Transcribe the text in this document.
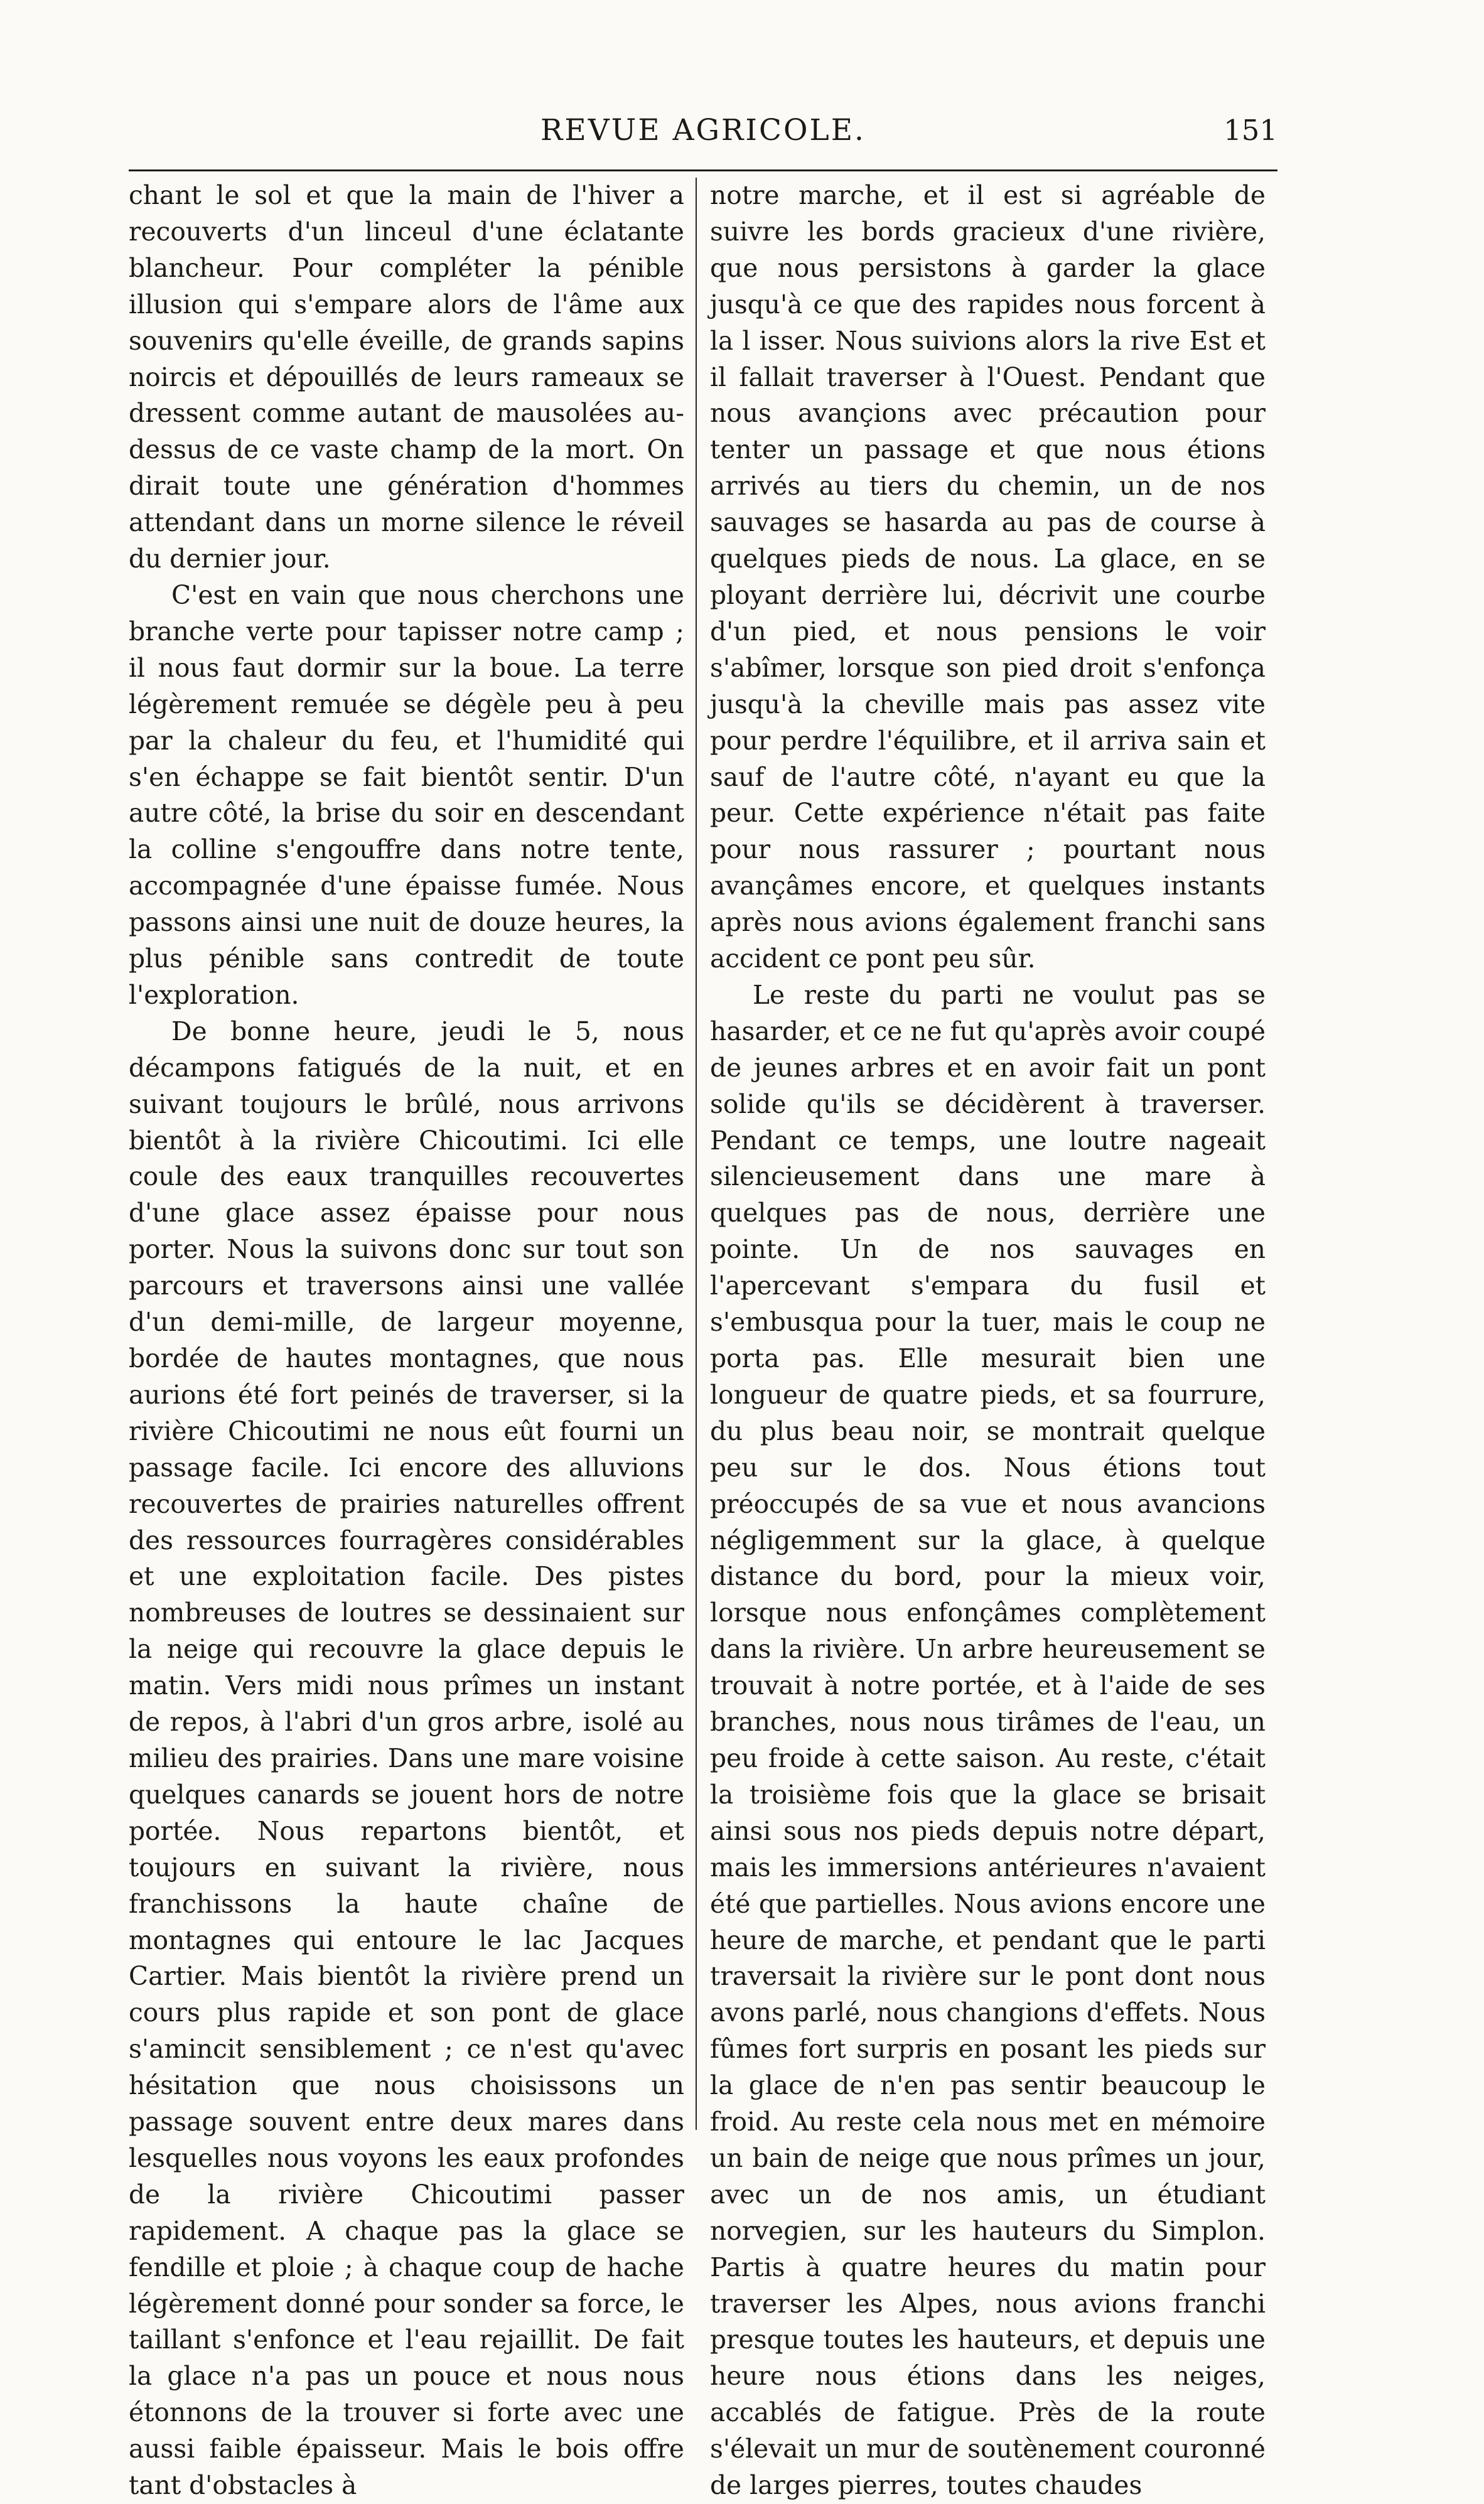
REVUE AGRICOLE.	151

chant le sol et que la main de l'hiver a recouverts d'un linceul d'une éclatante blancheur. Pour compléter la pénible illusion qui s'empare alors de l'âme aux souvenirs qu'elle éveille, de grands sapins noircis et dépouillés de leurs rameaux se dressent comme autant de mausolées au-dessus de ce vaste champ de la mort. On dirait toute une génération d'hommes attendant dans un morne silence le réveil du dernier jour.

C'est en vain que nous cherchons une branche verte pour tapisser notre camp ; il nous faut dormir sur la boue. La terre légèrement remuée se dégèle peu à peu par la chaleur du feu, et l'humidité qui s'en échappe se fait bientôt sentir. D'un autre côté, la brise du soir en descendant la colline s'engouffre dans notre tente, accompagnée d'une épaisse fumée. Nous passons ainsi une nuit de douze heures, la plus pénible sans contredit de toute l'exploration.

De bonne heure, jeudi le 5, nous décampons fatigués de la nuit, et en suivant toujours le brûlé, nous arrivons bientôt à la rivière Chicoutimi. Ici elle coule des eaux tranquilles recouvertes d'une glace assez épaisse pour nous porter. Nous la suivons donc sur tout son parcours et traversons ainsi une vallée d'un demi-mille, de largeur moyenne, bordée de hautes montagnes, que nous aurions été fort peinés de traverser, si la rivière Chicoutimi ne nous eût fourni un passage facile. Ici encore des alluvions recouvertes de prairies naturelles offrent des ressources fourragères considérables et une exploitation facile. Des pistes nombreuses de loutres se dessinaient sur la neige qui recouvre la glace depuis le matin. Vers midi nous prîmes un instant de repos, à l'abri d'un gros arbre, isolé au milieu des prairies. Dans une mare voisine quelques canards se jouent hors de notre portée. Nous repartons bientôt, et toujours en suivant la rivière, nous franchissons la haute chaîne de montagnes qui entoure le lac Jacques Cartier. Mais bientôt la rivière prend un cours plus rapide et son pont de glace s'amincit sensiblement ; ce n'est qu'avec hésitation que nous choisissons un passage souvent entre deux mares dans lesquelles nous voyons les eaux profondes de la rivière Chicoutimi passer rapidement. A chaque pas la glace se fendille et ploie ; à chaque coup de hache légèrement donné pour sonder sa force, le taillant s'enfonce et l'eau rejaillit. De fait la glace n'a pas un pouce et nous nous étonnons de la trouver si forte avec une aussi faible épaisseur. Mais le bois offre tant d'obstacles à

notre marche, et il est si agréable de suivre les bords gracieux d'une rivière, que nous persistons à garder la glace jusqu'à ce que des rapides nous forcent à la l isser. Nous suivions alors la rive Est et il fallait traverser à l'Ouest. Pendant que nous avançions avec précaution pour tenter un passage et que nous étions arrivés au tiers du chemin, un de nos sauvages se hasarda au pas de course à quelques pieds de nous. La glace, en se ployant derrière lui, décrivit une courbe d'un pied, et nous pensions le voir s'abîmer, lorsque son pied droit s'enfonça jusqu'à la cheville mais pas assez vite pour perdre l'équilibre, et il arriva sain et sauf de l'autre côté, n'ayant eu que la peur. Cette expérience n'était pas faite pour nous rassurer ; pourtant nous avançâmes encore, et quelques instants après nous avions également franchi sans accident ce pont peu sûr.

Le reste du parti ne voulut pas se hasarder, et ce ne fut qu'après avoir coupé de jeunes arbres et en avoir fait un pont solide qu'ils se décidèrent à traverser. Pendant ce temps, une loutre nageait silencieusement dans une mare à quelques pas de nous, derrière une pointe. Un de nos sauvages en l'apercevant s'empara du fusil et s'embusqua pour la tuer, mais le coup ne porta pas. Elle mesurait bien une longueur de quatre pieds, et sa fourrure, du plus beau noir, se montrait quelque peu sur le dos. Nous étions tout préoccupés de sa vue et nous avancions négligemment sur la glace, à quelque distance du bord, pour la mieux voir, lorsque nous enfonçâmes complètement dans la rivière. Un arbre heureusement se trouvait à notre portée, et à l'aide de ses branches, nous nous tirâmes de l'eau, un peu froide à cette saison. Au reste, c'était la troisième fois que la glace se brisait ainsi sous nos pieds depuis notre départ, mais les immersions antérieures n'avaient été que partielles. Nous avions encore une heure de marche, et pendant que le parti traversait la rivière sur le pont dont nous avons parlé, nous changions d'effets. Nous fûmes fort surpris en posant les pieds sur la glace de n'en pas sentir beaucoup le froid. Au reste cela nous met en mémoire un bain de neige que nous prîmes un jour, avec un de nos amis, un étudiant norvegien, sur les hauteurs du Simplon. Partis à quatre heures du matin pour traverser les Alpes, nous avions franchi presque toutes les hauteurs, et depuis une heure nous étions dans les neiges, accablés de fatigue. Près de la route s'élevait un mur de soutènement couronné de larges pierres, toutes chaudes
